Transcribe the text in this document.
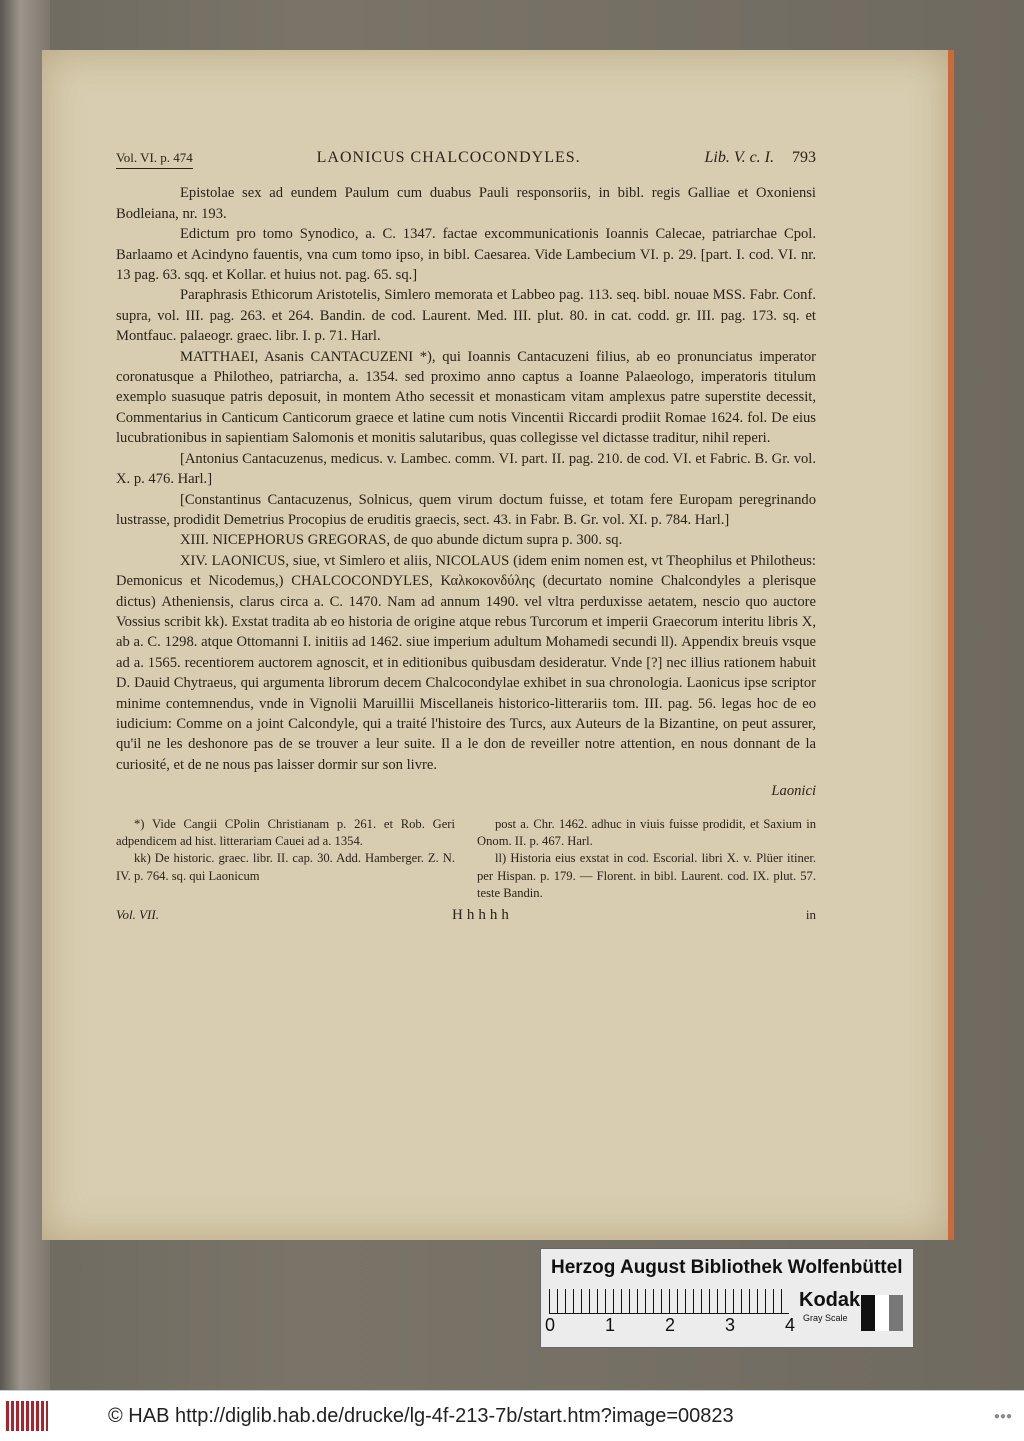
Vol. VI. p. 474	LAONICUS CHALCOCONDYLES.	Lib. V. c. I. 793

Epistolae sex ad eundem Paulum cum duabus Pauli responsoriis, in bibl. regis Galliae et Oxoniensi Bodleiana, nr. 193.

Edictum pro tomo Synodico, a. C. 1347. factae excommunicationis Ioannis Calecae, patriarchae Cpol. Barlaamo et Acindyno fauentis, vna cum tomo ipso, in bibl. Caesarea. Vide Lambecium VI. p. 29. [part. I. cod. VI. nr. 13 pag. 63. sqq. et Kollar. et huius not. pag. 65. sq.]

Paraphrasis Ethicorum Aristotelis, Simlero memorata et Labbeo pag. 113. seq. bibl. nouae MSS. Fabr. Conf. supra, vol. III. pag. 263. et 264. Bandin. de cod. Laurent. Med. III. plut. 80. in cat. codd. gr. III. pag. 173. sq. et Montfauc. palaeogr. graec. libr. I. p. 71. Harl.

MATTHAEI, Asanis CANTACUZENI *), qui Ioannis Cantacuzeni filius, ab eo pronunciatus imperator coronatusque a Philotheo, patriarcha, a. 1354. sed proximo anno captus a Ioanne Palaeologo, imperatoris titulum exemplo suasuque patris deposuit, in montem Atho secessit et monasticam vitam amplexus patre superstite decessit, Commentarius in Canticum Canticorum graece et latine cum notis Vincentii Riccardi prodiit Romae 1624. fol. De eius lucubrationibus in sapientiam Salomonis et monitis salutaribus, quas collegisse vel dictasse traditur, nihil reperi.

[Antonius Cantacuzenus, medicus. v. Lambec. comm. VI. part. II. pag. 210. de cod. VI. et Fabric. B. Gr. vol. X. p. 476. Harl.]

[Constantinus Cantacuzenus, Solnicus, quem virum doctum fuisse, et totam fere Europam peregrinando lustrasse, prodidit Demetrius Procopius de eruditis graecis, sect. 43. in Fabr. B. Gr. vol. XI. p. 784. Harl.]

XIII. NICEPHORUS GREGORAS, de quo abunde dictum supra p. 300. sq.

XIV. LAONICUS, siue, vt Simlero et aliis, NICOLAUS (idem enim nomen est, vt Theophilus et Philotheus: Demonicus et Nicodemus,) CHALCOCONDYLES, Καλκοκονδύλης (decurtato nomine Chalcondyles a plerisque dictus) Atheniensis, clarus circa a. C. 1470. Nam ad annum 1490. vel vltra perduxisse aetatem, nescio quo auctore Vossius scribit kk). Exstat tradita ab eo historia de origine atque rebus Turcorum et imperii Graecorum interitu libris X, ab a. C. 1298. atque Ottomanni I. initiis ad 1462. siue imperium adultum Mohamedi secundi ll). Appendix breuis vsque ad a. 1565. recentiorem auctorem agnoscit, et in editionibus quibusdam desideratur. Vnde [?] nec illius rationem habuit D. Dauid Chytraeus, qui argumenta librorum decem Chalcocondylae exhibet in sua chronologia. Laonicus ipse scriptor minime contemnendus, vnde in Vignolii Maruillii Miscellaneis historico-litterariis tom. III. pag. 56. legas hoc de eo iudicium: Comme on a joint Calcondyle, qui a traité l'histoire des Turcs, aux Auteurs de la Bizantine, on peut assurer, qu'il ne les deshonore pas de se trouver a leur suite. Il a le don de reveiller notre attention, en nous donnant de la curiosité, et de ne nous pas laisser dormir sur son livre.

Laonici

*) Vide Cangii CPolin Christianam p. 261. et Rob. Geri adpendicem ad hist. litterariam Cauei ad a. 1354.

kk) De historic. graec. libr. II. cap. 30. Add. Hamberger. Z. N. IV. p. 764. sq. qui Laonicum

post a. Chr. 1462. adhuc in viuis fuisse prodidit, et Saxium in Onom. II. p. 467. Harl.

ll) Historia eius exstat in cod. Escorial. libri X. v. Plüer itiner. per Hispan. p. 179. — Florent. in bibl. Laurent. cod. IX. plut. 57. teste Bandin.

Vol. VII.	Hhhhh	in
Herzog August Bibliothek Wolfenbüttel
0	1	2	3	4
Kodak
Gray Scale
© HAB http://diglib.hab.de/drucke/lg-4f-213-7b/start.htm?image=00823	●●●
